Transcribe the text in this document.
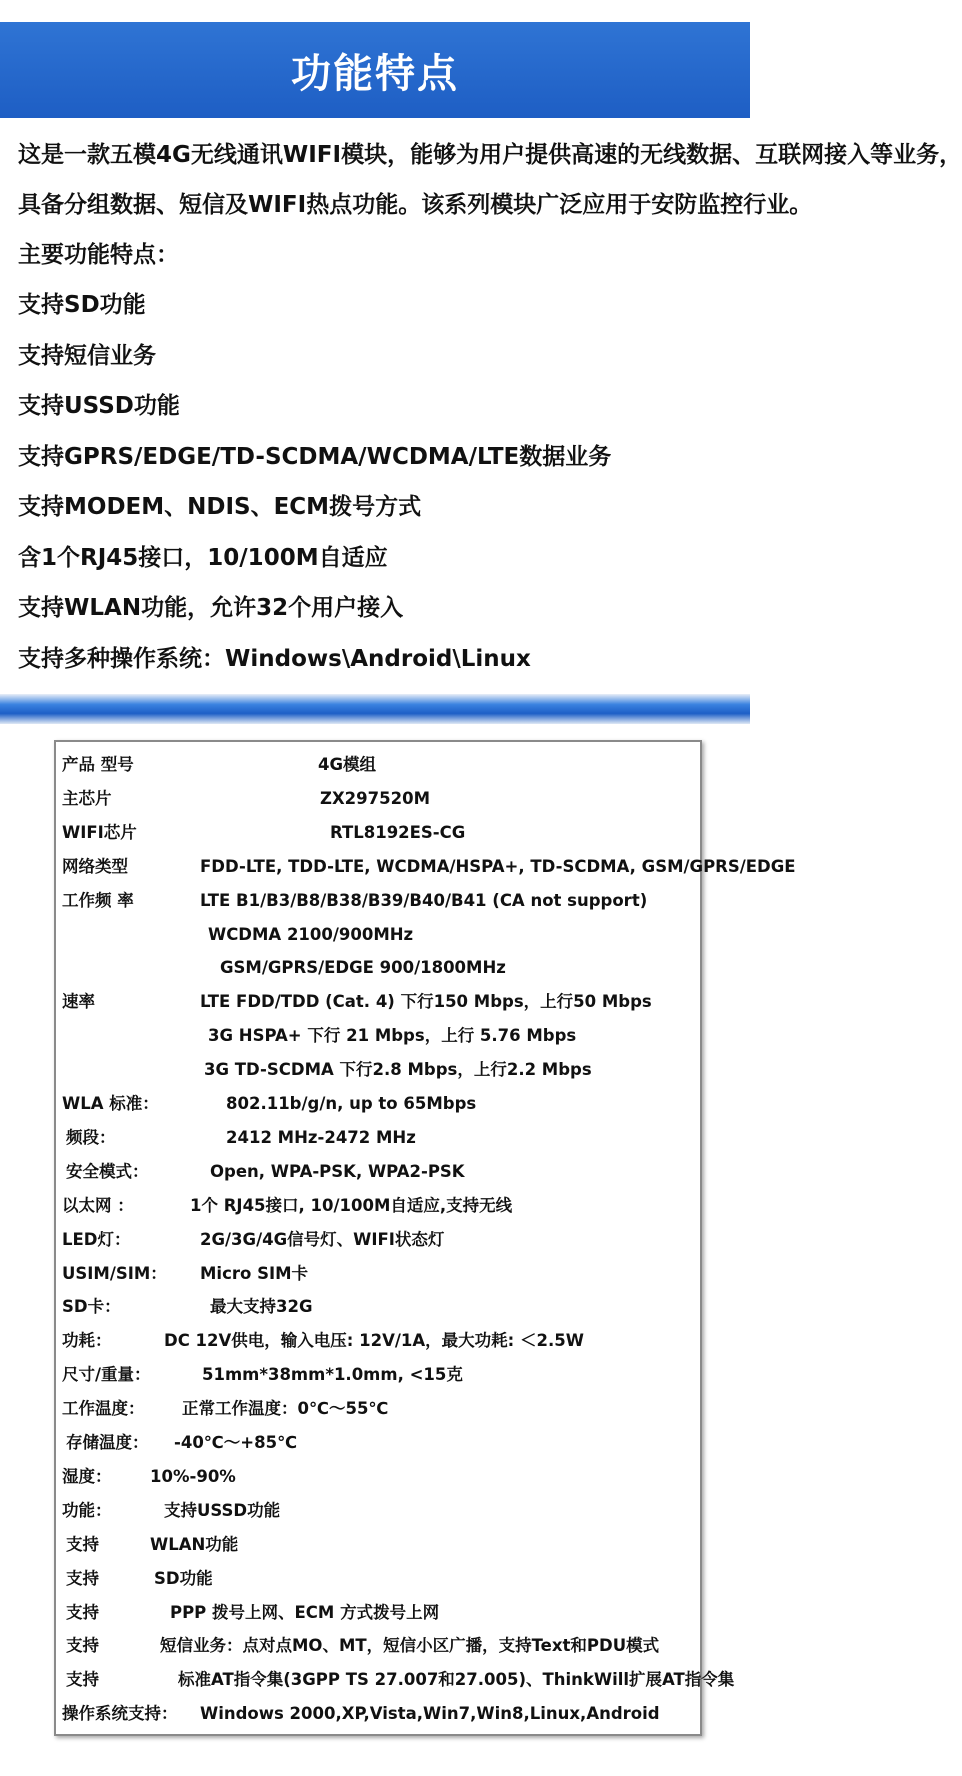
功能特点

这是一款五模4G无线通讯WIFI模块，能够为用户提供高速的无线数据、互联网接入等业务，

具备分组数据、短信及WIFI热点功能。该系列模块广泛应用于安防监控行业。

主要功能特点：

支持SD功能
支持短信业务
支持USSD功能
支持GPRS/EDGE/TD-SCDMA/WCDMA/LTE数据业务
支持MODEM、NDIS、ECM拨号方式
含1个RJ45接口，10/100M自适应
支持WLAN功能，允许32个用户接入
支持多种操作系统：Windows\Android\Linux
产品 型号	4G模组
主芯片	ZX297520M
WIFI芯片	RTL8192ES-CG
网络类型	FDD-LTE, TDD-LTE, WCDMA/HSPA+, TD-SCDMA, GSM/GPRS/EDGE
工作频 率	LTE B1/B3/B8/B38/B39/B40/B41 (CA not support)
WCDMA 2100/900MHz
GSM/GPRS/EDGE 900/1800MHz
速率	LTE FDD/TDD (Cat. 4) 下行150 Mbps，上行50 Mbps
3G HSPA+ 下行 21 Mbps，上行 5.76 Mbps
3G TD-SCDMA 下行2.8 Mbps，上行2.2 Mbps
WLA 标准：	802.11b/g/n, up to 65Mbps
频段：	2412 MHz-2472 MHz
安全模式：	Open, WPA-PSK, WPA2-PSK
以太网 ：	1个 RJ45接口, 10/100M自适应,支持无线
LED灯：	2G/3G/4G信号灯、WIFI状态灯
USIM/SIM： Micro SIM卡
SD卡：	最大支持32G
功耗：	DC 12V供电，输入电压: 12V/1A，最大功耗: ＜2.5W
尺寸/重量：	51mm*38mm*1.0mm, <15克
工作温度： 正常工作温度：0℃～55℃
存储温度： -40℃～+85℃
湿度： 10%-90%
功能：	支持USSD功能
支持	WLAN功能
支持	SD功能
支持	PPP 拨号上网、ECM 方式拨号上网
支持	短信业务：点对点MO、MT，短信小区广播，支持Text和PDU模式
支持	标准AT指令集(3GPP TS 27.007和27.005)、ThinkWill扩展AT指令集
操作系统支持： Windows 2000,XP,Vista,Win7,Win8,Linux,Android
